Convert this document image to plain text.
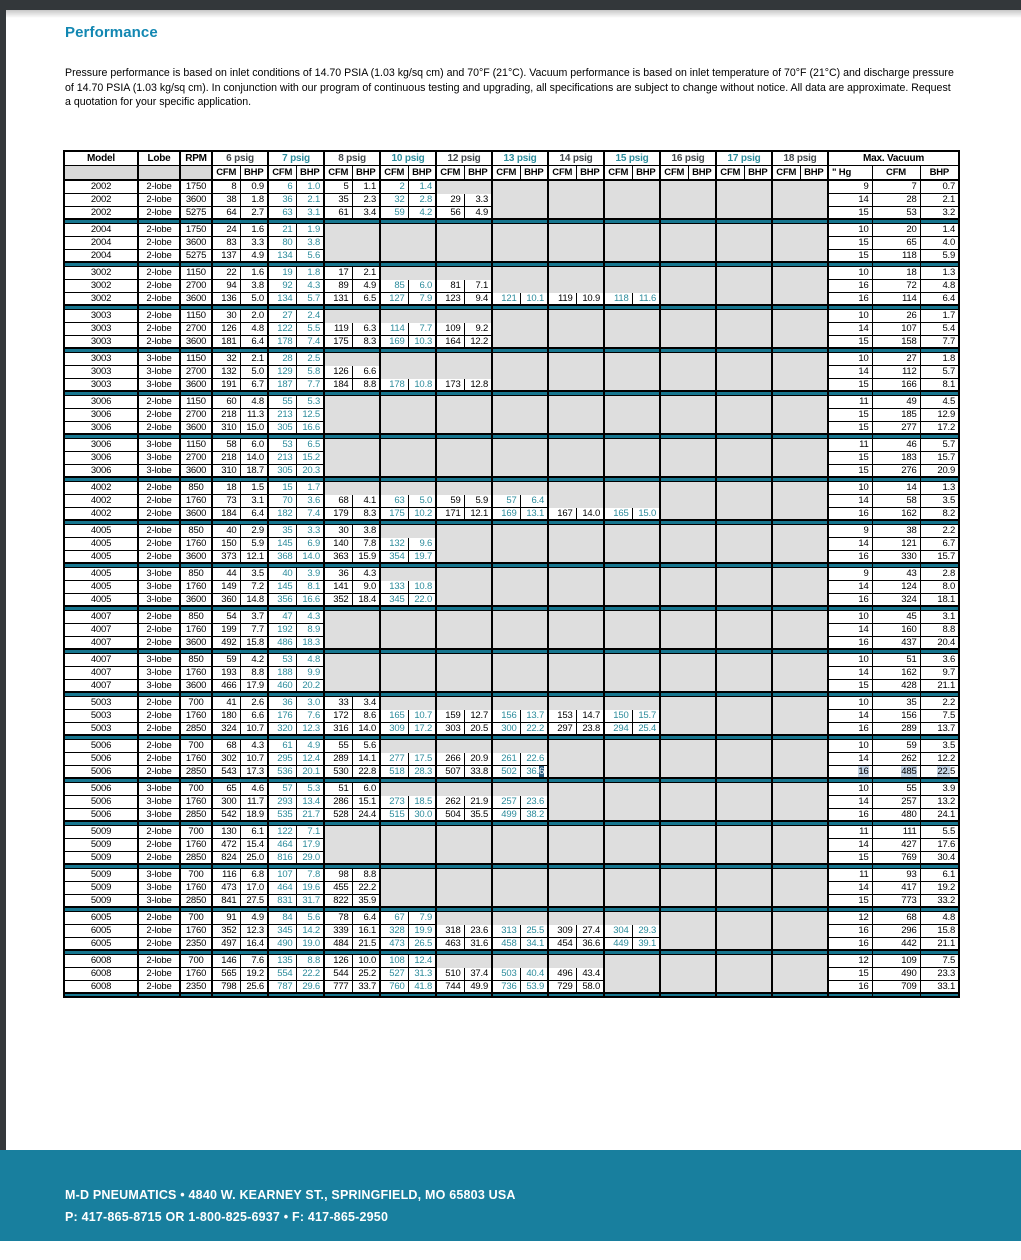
Performance
Pressure performance is based on inlet conditions of 14.70 PSIA (1.03 kg/sq cm) and 70°F (21°C). Vacuum performance is based on inlet temperature of 70°F (21°C) and discharge pressure of 14.70 PSIA (1.03 kg/sq cm). In conjunction with our program of continuous testing and upgrading, all specifications are subject to change without notice. All data are approximate. Request a quotation for your specific application.
Model	Lobe	RPM	6 psig		7 psig		8 psig		10 psig		12 psig		13 psig		14 psig		15 psig		16 psig		17 psig		18 psig		Max. Vacuum		
			CFM	BHP	CFM	BHP	CFM	BHP	CFM	BHP	CFM	BHP	CFM	BHP	CFM	BHP	CFM	BHP	CFM	BHP	CFM	BHP	CFM	BHP	" Hg	CFM	BHP
2002	2-lobe	1750	8	0.9	6	1.0	5	1.1	2	1.4															9	7	0.7
2002	2-lobe	3600	38	1.8	36	2.1	35	2.3	32	2.8	29	3.3													14	28	2.1
2002	2-lobe	5275	64	2.7	63	3.1	61	3.4	59	4.2	56	4.9													15	53	3.2

2004	2-lobe	1750	24	1.6	21	1.9																			10	20	1.4
2004	2-lobe	3600	83	3.3	80	3.8																			15	65	4.0
2004	2-lobe	5275	137	4.9	134	5.6																			15	118	5.9

3002	2-lobe	1150	22	1.6	19	1.8	17	2.1																	10	18	1.3
3002	2-lobe	2700	94	3.8	92	4.3	89	4.9	85	6.0	81	7.1													16	72	4.8
3002	2-lobe	3600	136	5.0	134	5.7	131	6.5	127	7.9	123	9.4	121	10.1	119	10.9	118	11.6							16	114	6.4

3003	2-lobe	1150	30	2.0	27	2.4																			10	26	1.7
3003	2-lobe	2700	126	4.8	122	5.5	119	6.3	114	7.7	109	9.2													14	107	5.4
3003	2-lobe	3600	181	6.4	178	7.4	175	8.3	169	10.3	164	12.2													15	158	7.7

3003	3-lobe	1150	32	2.1	28	2.5																			10	27	1.8
3003	3-lobe	2700	132	5.0	129	5.8	126	6.6																	14	112	5.7
3003	3-lobe	3600	191	6.7	187	7.7	184	8.8	178	10.8	173	12.8													15	166	8.1

3006	2-lobe	1150	60	4.8	55	5.3																			11	49	4.5
3006	2-lobe	2700	218	11.3	213	12.5																			15	185	12.9
3006	2-lobe	3600	310	15.0	305	16.6																			15	277	17.2

3006	3-lobe	1150	58	6.0	53	6.5																			11	46	5.7
3006	3-lobe	2700	218	14.0	213	15.2																			15	183	15.7
3006	3-lobe	3600	310	18.7	305	20.3																			15	276	20.9

4002	2-lobe	850	18	1.5	15	1.7																			10	14	1.3
4002	2-lobe	1760	73	3.1	70	3.6	68	4.1	63	5.0	59	5.9	57	6.4											14	58	3.5
4002	2-lobe	3600	184	6.4	182	7.4	179	8.3	175	10.2	171	12.1	169	13.1	167	14.0	165	15.0							16	162	8.2

4005	2-lobe	850	40	2.9	35	3.3	30	3.8																	9	38	2.2
4005	2-lobe	1760	150	5.9	145	6.9	140	7.8	132	9.6															14	121	6.7
4005	2-lobe	3600	373	12.1	368	14.0	363	15.9	354	19.7															16	330	15.7

4005	3-lobe	850	44	3.5	40	3.9	36	4.3																	9	43	2.8
4005	3-lobe	1760	149	7.2	145	8.1	141	9.0	133	10.8															14	124	8.0
4005	3-lobe	3600	360	14.8	356	16.6	352	18.4	345	22.0															16	324	18.1

4007	2-lobe	850	54	3.7	47	4.3																			10	45	3.1
4007	2-lobe	1760	199	7.7	192	8.9																			14	160	8.8
4007	2-lobe	3600	492	15.8	486	18.3																			16	437	20.4

4007	3-lobe	850	59	4.2	53	4.8																			10	51	3.6
4007	3-lobe	1760	193	8.8	188	9.9																			14	162	9.7
4007	3-lobe	3600	466	17.9	460	20.2																			15	428	21.1

5003	2-lobe	700	41	2.6	36	3.0	33	3.4																	10	35	2.2
5003	2-lobe	1760	180	6.6	176	7.6	172	8.6	165	10.7	159	12.7	156	13.7	153	14.7	150	15.7							14	156	7.5
5003	2-lobe	2850	324	10.7	320	12.3	316	14.0	309	17.2	303	20.5	300	22.2	297	23.8	294	25.4							16	289	13.7

5006	2-lobe	700	68	4.3	61	4.9	55	5.6																	10	59	3.5
5006	2-lobe	1760	302	10.7	295	12.4	289	14.1	277	17.5	266	20.9	261	22.6											14	262	12.2
5006	2-lobe	2850	543	17.3	536	20.1	530	22.8	518	28.3	507	33.8	502	36.6											16	485	22.5

5006	3-lobe	700	65	4.6	57	5.3	51	6.0																	10	55	3.9
5006	3-lobe	1760	300	11.7	293	13.4	286	15.1	273	18.5	262	21.9	257	23.6											14	257	13.2
5006	3-lobe	2850	542	18.9	535	21.7	528	24.4	515	30.0	504	35.5	499	38.2											16	480	24.1

5009	2-lobe	700	130	6.1	122	7.1																			11	111	5.5
5009	2-lobe	1760	472	15.4	464	17.9																			14	427	17.6
5009	2-lobe	2850	824	25.0	816	29.0																			15	769	30.4

5009	3-lobe	700	116	6.8	107	7.8	98	8.8																	11	93	6.1
5009	3-lobe	1760	473	17.0	464	19.6	455	22.2																	14	417	19.2
5009	3-lobe	2850	841	27.5	831	31.7	822	35.9																	15	773	33.2

6005	2-lobe	700	91	4.9	84	5.6	78	6.4	67	7.9															12	68	4.8
6005	2-lobe	1760	352	12.3	345	14.2	339	16.1	328	19.9	318	23.6	313	25.5	309	27.4	304	29.3							16	296	15.8
6005	2-lobe	2350	497	16.4	490	19.0	484	21.5	473	26.5	463	31.6	458	34.1	454	36.6	449	39.1							16	442	21.1

6008	2-lobe	700	146	7.6	135	8.8	126	10.0	108	12.4															12	109	7.5
6008	2-lobe	1760	565	19.2	554	22.2	544	25.2	527	31.3	510	37.4	503	40.4	496	43.4									15	490	23.3
6008	2-lobe	2350	798	25.6	787	29.6	777	33.7	760	41.8	744	49.9	736	53.9	729	58.0									16	709	33.1

M-D PNEUMATICS • 4840 W. KEARNEY ST., SPRINGFIELD, MO 65803 USA
P: 417-865-8715 OR 1-800-825-6937 • F: 417-865-2950
WWW.MDPNEUMATICS.COM
